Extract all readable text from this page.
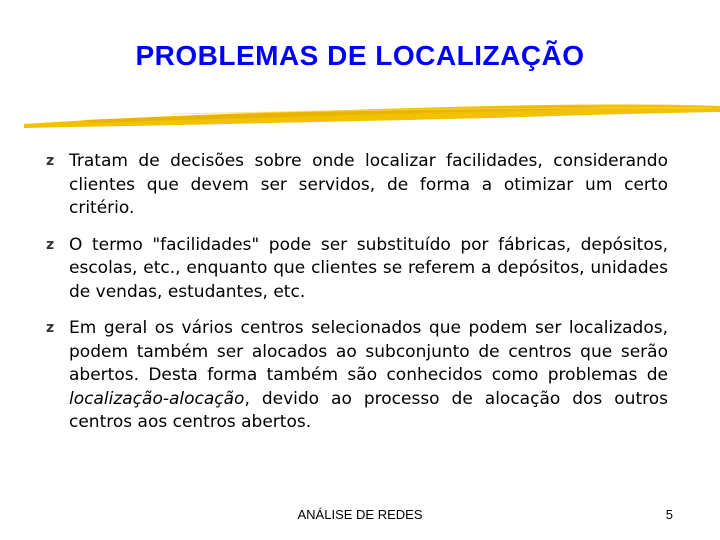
PROBLEMAS DE LOCALIZAÇÃO
z Tratam de decisões sobre onde localizar facilidades, considerando clientes que devem ser servidos, de forma a otimizar um certo critério.
z O termo "facilidades" pode ser substituído por fábricas, depósitos, escolas, etc., enquanto que clientes se referem a depósitos, unidades de vendas, estudantes, etc.
z Em geral os vários centros selecionados que podem ser localizados, podem também ser alocados ao subconjunto de centros que serão abertos. Desta forma também são conhecidos como problemas de localização-alocação, devido ao processo de alocação dos outros centros aos centros abertos.
ANÁLISE DE REDES	5
